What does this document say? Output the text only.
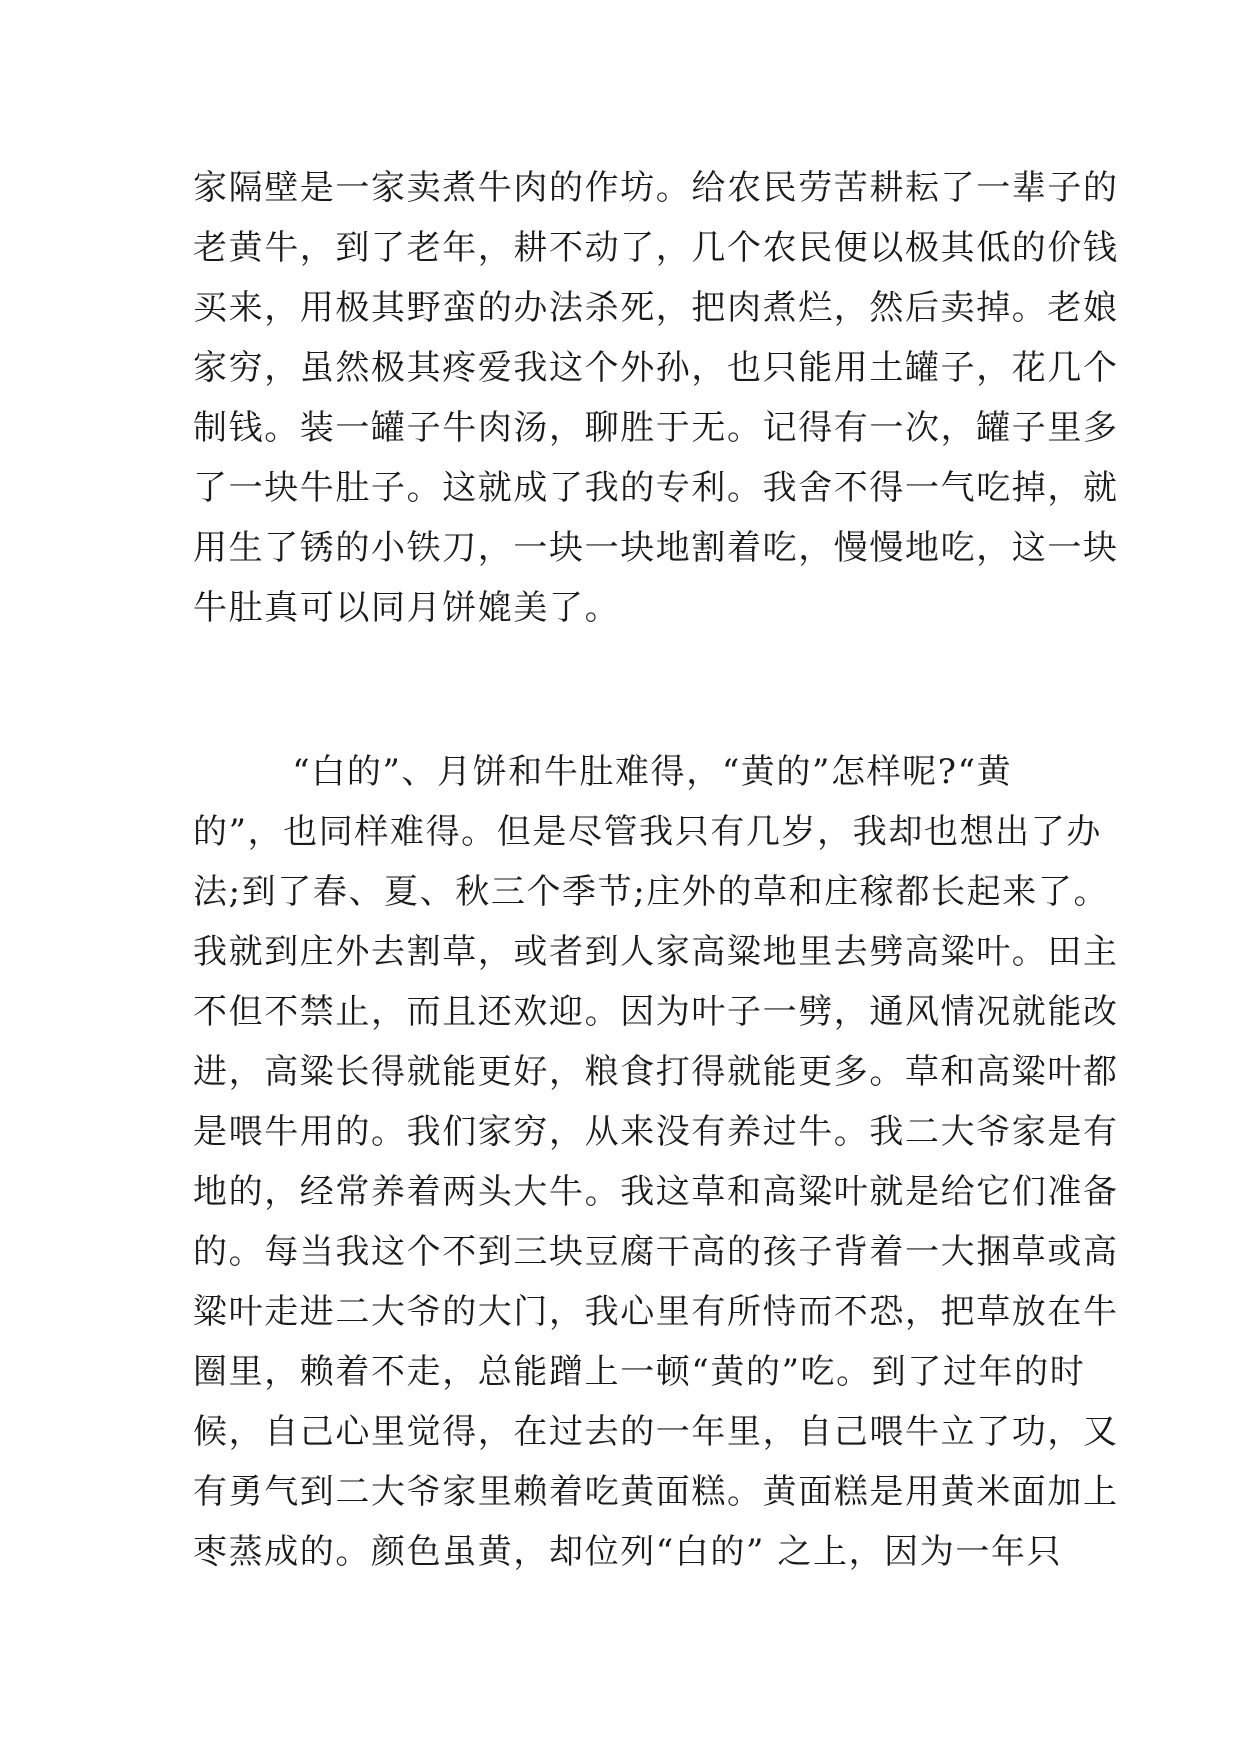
家隔壁是一家卖煮牛肉的作坊。给农民劳苦耕耘了一辈子的
老黄牛，到了老年，耕不动了，几个农民便以极其低的价钱
买来，用极其野蛮的办法杀死，把肉煮烂，然后卖掉。老娘
家穷，虽然极其疼爱我这个外孙，也只能用土罐子，花几个
制钱。装一罐子牛肉汤，聊胜于无。记得有一次，罐子里多
了一块牛肚子。这就成了我的专利。我舍不得一气吃掉，就
用生了锈的小铁刀，一块一块地割着吃，慢慢地吃，这一块
牛肚真可以同月饼媲美了。
“白的”、月饼和牛肚难得，“黄的”怎样呢?“黄
的”，也同样难得。但是尽管我只有几岁，我却也想出了办
法;到了春、夏、秋三个季节;庄外的草和庄稼都长起来了。
我就到庄外去割草，或者到人家高粱地里去劈高粱叶。田主
不但不禁止，而且还欢迎。因为叶子一劈，通风情况就能改
进，高粱长得就能更好，粮食打得就能更多。草和高粱叶都
是喂牛用的。我们家穷，从来没有养过牛。我二大爷家是有
地的，经常养着两头大牛。我这草和高粱叶就是给它们准备
的。每当我这个不到三块豆腐干高的孩子背着一大捆草或高
粱叶走进二大爷的大门，我心里有所恃而不恐，把草放在牛
圈里，赖着不走，总能蹭上一顿“黄的”吃。到了过年的时
候，自己心里觉得，在过去的一年里，自己喂牛立了功，又
有勇气到二大爷家里赖着吃黄面糕。黄面糕是用黄米面加上
枣蒸成的。颜色虽黄，却位列“白的” 之上，因为一年只
